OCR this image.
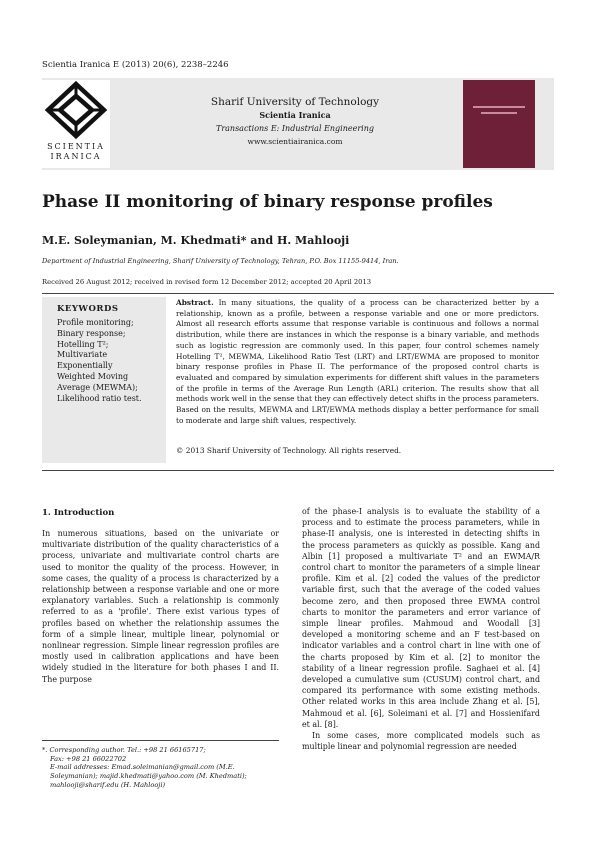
Scientia Iranica E (2013) 20(6), 2238–2246
SCIENTIA
IRANICA
Sharif University of Technology
Scientia Iranica
Transactions E: Industrial Engineering
www.scientiairanica.com
Phase II monitoring of binary response profiles
M.E. Soleymanian, M. Khedmati* and H. Mahlooji
Department of Industrial Engineering, Sharif University of Technology, Tehran, P.O. Box 11155-9414, Iran.
Received 26 August 2012; received in revised form 12 December 2012; accepted 20 April 2013
KEYWORDS
Profile monitoring;
Binary response;
Hotelling T²;
Multivariate
Exponentially
Weighted Moving
Average (MEWMA);
Likelihood ratio test.
Abstract. In many situations, the quality of a process can be characterized better by a relationship, known as a profile, between a response variable and one or more predictors. Almost all research efforts assume that response variable is continuous and follows a normal distribution, while there are instances in which the response is a binary variable, and methods such as logistic regression are commonly used. In this paper, four control schemes namely Hotelling T², MEWMA, Likelihood Ratio Test (LRT) and LRT/EWMA are proposed to monitor binary response profiles in Phase II. The performance of the proposed control charts is evaluated and compared by simulation experiments for different shift values in the parameters of the profile in terms of the Average Run Length (ARL) criterion. The results show that all methods work well in the sense that they can effectively detect shifts in the process parameters. Based on the results, MEWMA and LRT/EWMA methods display a better performance for small to moderate and large shift values, respectively.
© 2013 Sharif University of Technology. All rights reserved.
1. Introduction
In numerous situations, based on the univariate or multivariate distribution of the quality characteristics of a process, univariate and multivariate control charts are used to monitor the quality of the process. However, in some cases, the quality of a process is characterized by a relationship between a response variable and one or more explanatory variables. Such a relationship is commonly referred to as a 'profile'. There exist various types of profiles based on whether the relationship assumes the form of a simple linear, multiple linear, polynomial or nonlinear regression. Simple linear regression profiles are mostly used in calibration applications and have been widely studied in the literature for both phases I and II. The purpose
of the phase-I analysis is to evaluate the stability of a process and to estimate the process parameters, while in phase-II analysis, one is interested in detecting shifts in the process parameters as quickly as possible. Kang and Albin [1] proposed a multivariate T² and an EWMA/R control chart to monitor the parameters of a simple linear profile. Kim et al. [2] coded the values of the predictor variable first, such that the average of the coded values become zero, and then proposed three EWMA control charts to monitor the parameters and error variance of simple linear profiles. Mahmoud and Woodall [3] developed a monitoring scheme and an F test-based on indicator variables and a control chart in line with one of the charts proposed by Kim et al. [2] to monitor the stability of a linear regression profile. Saghaei et al. [4] developed a cumulative sum (CUSUM) control chart, and compared its performance with some existing methods. Other related works in this area include Zhang et al. [5], Mahmoud et al. [6], Soleimani et al. [7] and Hossienifard et al. [8].
In some cases, more complicated models such as multiple linear and polynomial regression are needed
*. Corresponding author. Tel.: +98 21 66165717;
Fax: +98 21 66022702
E-mail addresses: Emad.soleimanian@gmail.com (M.E. Soleymanian); majid.khedmati@yahoo.com (M. Khedmati); mahlooji@sharif.edu (H. Mahlooji)
